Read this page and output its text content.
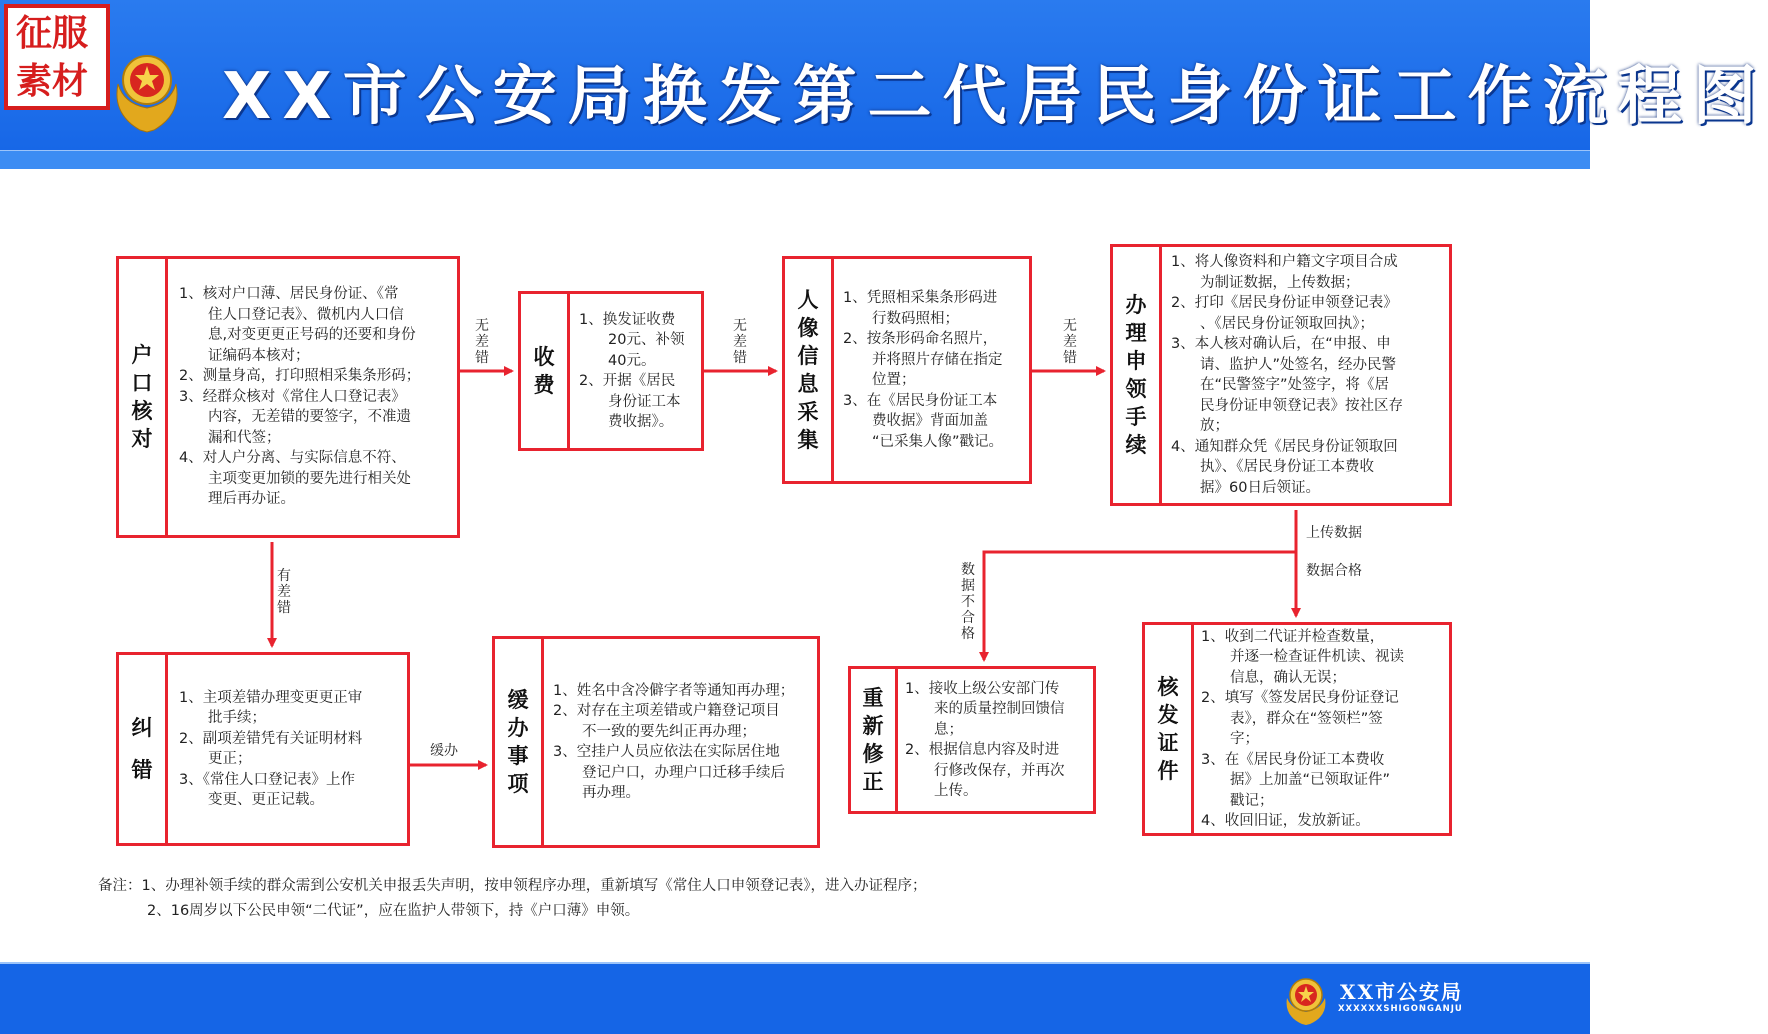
征服
素材 XX市公安局换发第二代居民身份证工作流程图
户口核对
1、核对户口薄、居民身份证、《常
　　住人口登记表》、微机内人口信
　　息,对变更更正号码的还要和身份
　　证编码本核对；
2、测量身高，打印照相采集条形码；
3、经群众核对《常住人口登记表》
　　内容，无差错的要签字，不准遗
　　漏和代签；
4、对人户分离、与实际信息不符、
　　主项变更加锁的要先进行相关处
　　理后再办证。
收费
1、换发证收费
　　20元、补领
　　40元。
2、开据《居民
　　身份证工本
　　费收据》。
人像信息采集
1、凭照相采集条形码进
　　行数码照相；
2、按条形码命名照片，
　　并将照片存储在指定
　　位置；
3、在《居民身份证工本
　　费收据》背面加盖
　　“已采集人像”戳记。
办理申领手续
1、将人像资料和户籍文字项目合成
　　为制证数据，上传数据；
2、打印《居民身份证申领登记表》
　　、《居民身份证领取回执》；
3、本人核对确认后，在“申报、申
　　请、监护人”处签名，经办民警
　　在“民警签字”处签字，将《居
　　民身份证申领登记表》按社区存
　　放；
4、通知群众凭《居民身份证领取回
　　执》、《居民身份证工本费收
　　据》60日后领证。
纠错
1、主项差错办理变更更正审
　　批手续；
2、副项差错凭有关证明材料
　　更正；
3、《常住人口登记表》上作
　　变更、更正记载。
缓办事项
1、姓名中含冷僻字者等通知再办理；
2、对存在主项差错或户籍登记项目
　　不一致的要先纠正再办理；
3、空挂户人员应依法在实际居住地
　　登记户口，办理户口迁移手续后
　　再办理。
重新修正
1、接收上级公安部门传
　　来的质量控制回馈信
　　息；
2、根据信息内容及时进
　　行修改保存，并再次
　　上传。
核发证件
1、收到二代证并检查数量，
　　并逐一检查证件机读、视读
　　信息，确认无误；
2、填写《签发居民身份证登记
　　表》，群众在“签领栏”签
　　字；
3、在《居民身份证工本费收
　　据》上加盖“已领取证件”
　　戳记；
4、收回旧证，发放新证。
无差错
无差错
无差错
有差错
缓办
上传数据
数据合格
数据不合格
备注：1、办理补领手续的群众需到公安机关申报丢失声明，按申领程序办理，重新填写《常住人口申领登记表》，进入办证程序；
2、16周岁以下公民申领“二代证”，应在监护人带领下，持《户口薄》申领。
XX市公安局
XXXXXXSHIGONGANJU
